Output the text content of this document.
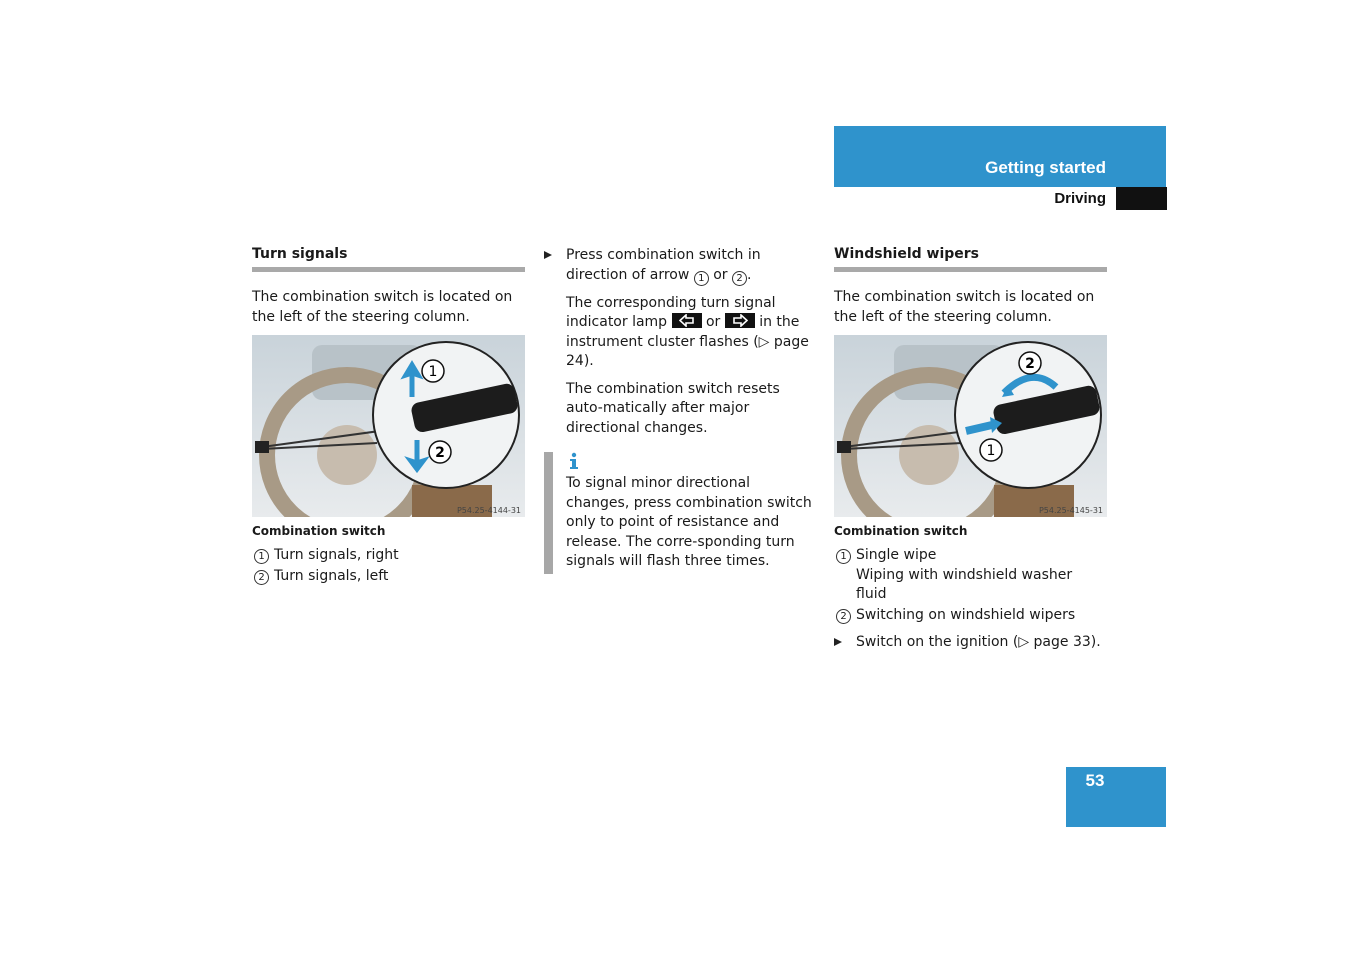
Getting started
Driving
Turn signals

The combination switch is located on the left of the steering column.

1
2
P54.25-4144-31
Combination switch
1 Turn signals, right
2 Turn signals, left
Press combination switch in direction of arrow 1 or 2 .

The corresponding turn signal indicator lamp	or	in the instrument cluster flashes (▷ page 24).

The combination switch resets auto-matically after major directional changes.

To signal minor directional changes, press combination switch only to point of resistance and release. The corre-sponding turn signals will flash three times.
Windshield wipers

The combination switch is located on the left of the steering column.

2
1
P54.25-4145-31
Combination switch
1 Single wipe
Wiping with windshield washer fluid
2 Switching on windshield wipers
Switch on the ignition (▷ page 33).
53
